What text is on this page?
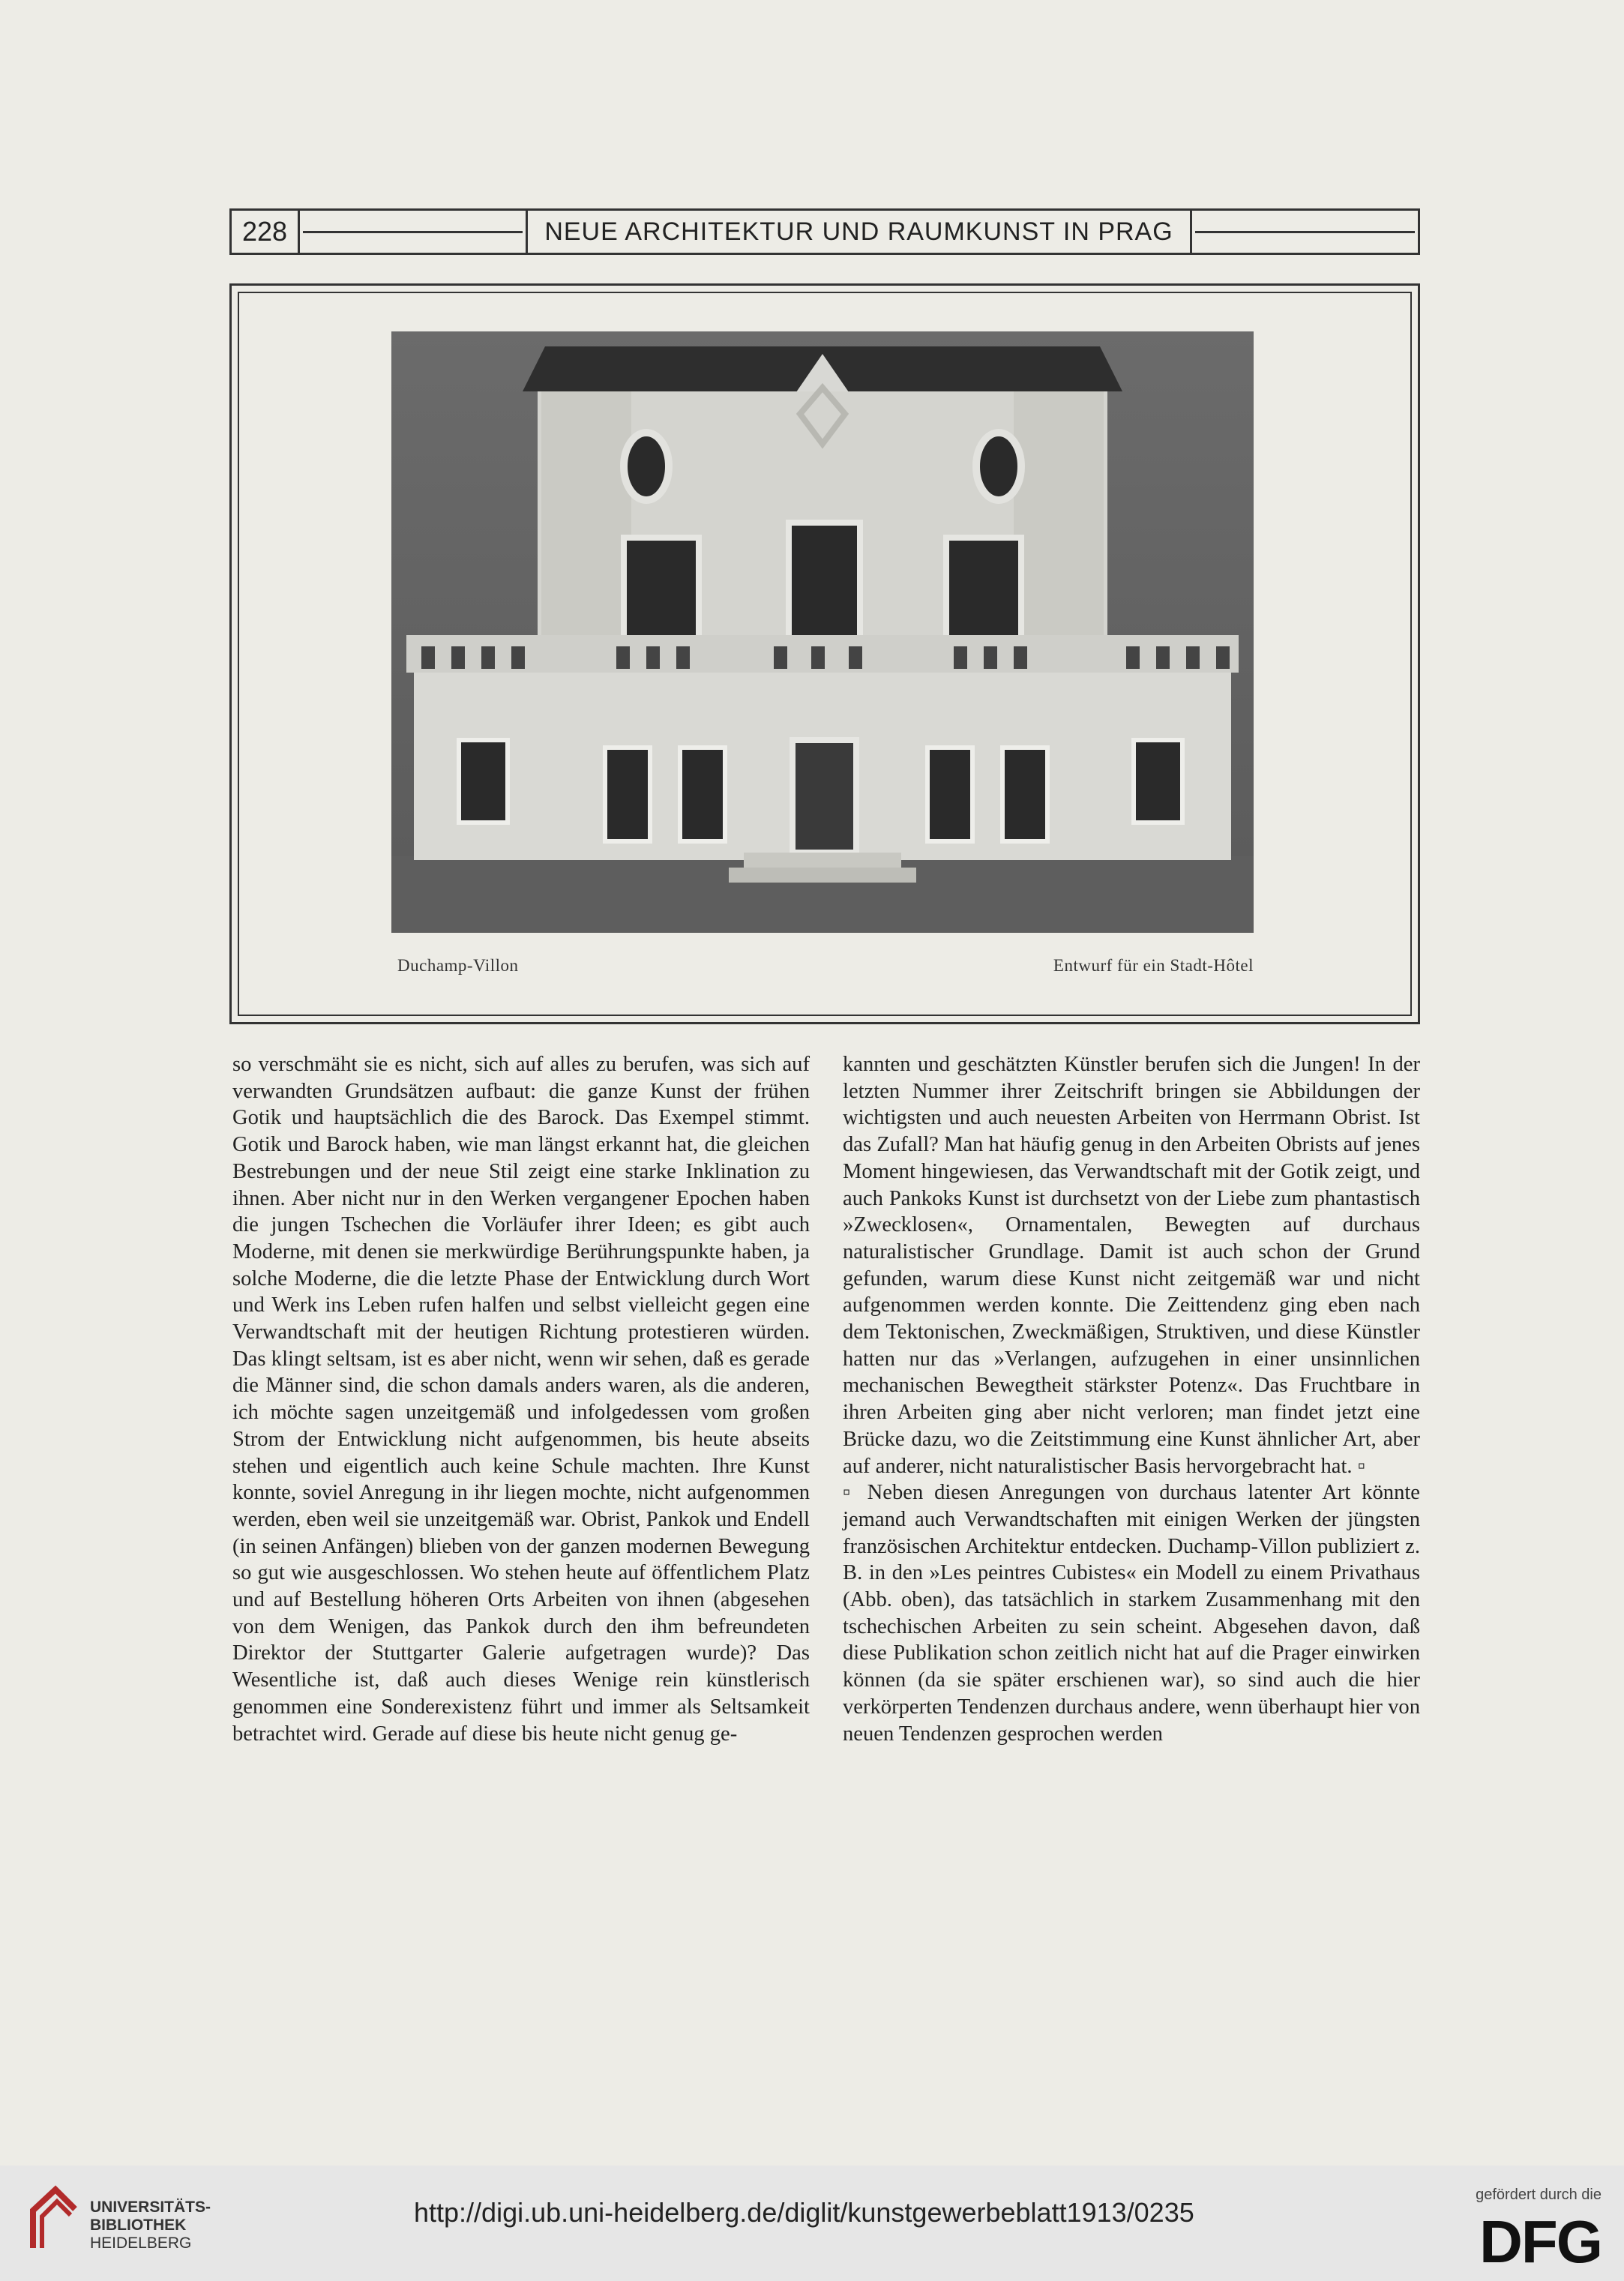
228	NEUE ARCHITEKTUR UND RAUMKUNST IN PRAG
Duchamp-Villon	Entwurf für ein Stadt-Hôtel

so verschmäht sie es nicht, sich auf alles zu berufen, was sich auf verwandten Grundsätzen aufbaut: die ganze Kunst der frühen Gotik und hauptsächlich die des Barock. Das Exempel stimmt. Gotik und Barock haben, wie man längst erkannt hat, die gleichen Bestrebungen und der neue Stil zeigt eine starke Inklination zu ihnen. Aber nicht nur in den Werken vergangener Epochen haben die jungen Tschechen die Vorläufer ihrer Ideen; es gibt auch Moderne, mit denen sie merkwürdige Berührungspunkte haben, ja solche Moderne, die die letzte Phase der Entwicklung durch Wort und Werk ins Leben rufen halfen und selbst vielleicht gegen eine Verwandtschaft mit der heutigen Richtung protestieren würden. Das klingt seltsam, ist es aber nicht, wenn wir sehen, daß es gerade die Männer sind, die schon damals anders waren, als die anderen, ich möchte sagen unzeitgemäß und infolgedessen vom großen Strom der Entwicklung nicht aufgenommen, bis heute abseits stehen und eigentlich auch keine Schule machten. Ihre Kunst konnte, soviel Anregung in ihr liegen mochte, nicht aufgenommen werden, eben weil sie unzeitgemäß war. Obrist, Pankok und Endell (in seinen Anfängen) blieben von der ganzen modernen Bewegung so gut wie ausgeschlossen. Wo stehen heute auf öffentlichem Platz und auf Bestellung höheren Orts Arbeiten von ihnen (abgesehen von dem Wenigen, das Pankok durch den ihm befreundeten Direktor der Stuttgarter Galerie aufgetragen wurde)? Das Wesentliche ist, daß auch dieses Wenige rein künstlerisch genommen eine Sonderexistenz führt und immer als Seltsamkeit betrachtet wird. Gerade auf diese bis heute nicht genug ge-

kannten und geschätzten Künstler berufen sich die Jungen! In der letzten Nummer ihrer Zeitschrift bringen sie Abbildungen der wichtigsten und auch neuesten Arbeiten von Herrmann Obrist. Ist das Zufall? Man hat häufig genug in den Arbeiten Obrists auf jenes Moment hingewiesen, das Verwandtschaft mit der Gotik zeigt, und auch Pankoks Kunst ist durchsetzt von der Liebe zum phantastisch »Zwecklosen«, Ornamentalen, Bewegten auf durchaus naturalistischer Grundlage. Damit ist auch schon der Grund gefunden, warum diese Kunst nicht zeitgemäß war und nicht aufgenommen werden konnte. Die Zeittendenz ging eben nach dem Tektonischen, Zweckmäßigen, Struktiven, und diese Künstler hatten nur das »Verlangen, aufzugehen in einer unsinnlichen mechanischen Bewegtheit stärkster Potenz«. Das Fruchtbare in ihren Arbeiten ging aber nicht verloren; man findet jetzt eine Brücke dazu, wo die Zeitstimmung eine Kunst ähnlicher Art, aber auf anderer, nicht naturalistischer Basis hervorgebracht hat. ▫

▫ Neben diesen Anregungen von durchaus latenter Art könnte jemand auch Verwandtschaften mit einigen Werken der jüngsten französischen Architektur entdecken. Duchamp-Villon publiziert z. B. in den »Les peintres Cubistes« ein Modell zu einem Privathaus (Abb. oben), das tatsächlich in starkem Zusammenhang mit den tschechischen Arbeiten zu sein scheint. Abgesehen davon, daß diese Publikation schon zeitlich nicht hat auf die Prager einwirken können (da sie später erschienen war), so sind auch die hier verkörperten Tendenzen durchaus andere, wenn überhaupt hier von neuen Tendenzen gesprochen werden

UNIVERSITÄTS-
BIBLIOTHEK
HEIDELBERG
http://digi.ub.uni-heidelberg.de/diglit/kunstgewerbeblatt1913/0235
gefördert durch die
DFG
